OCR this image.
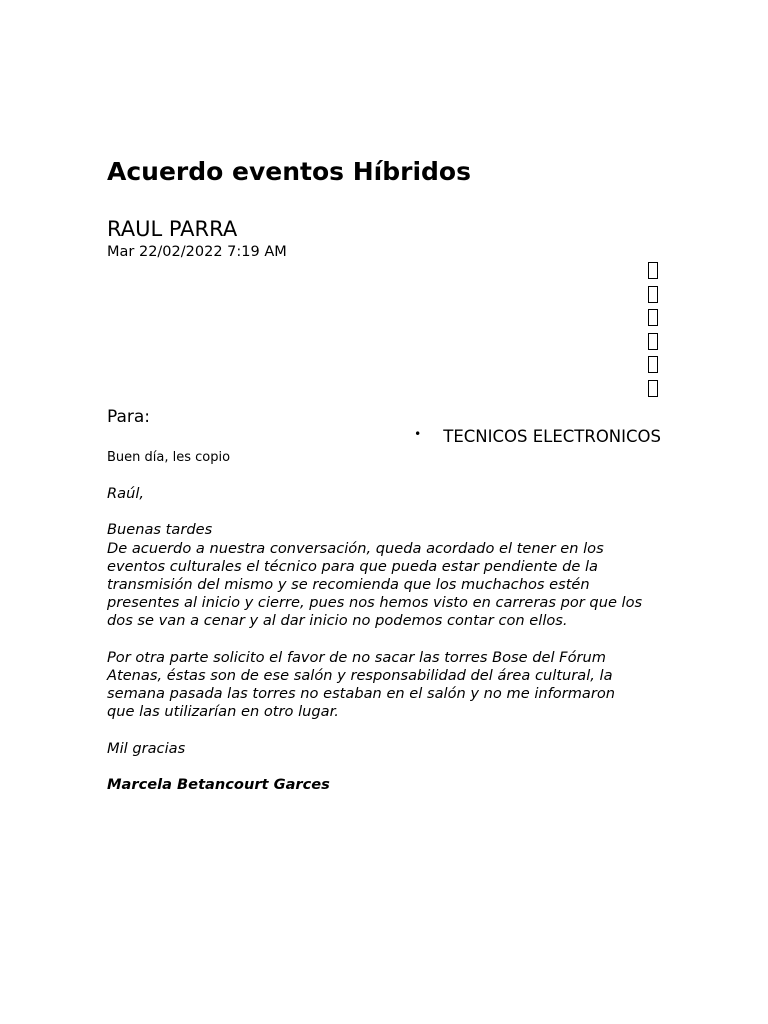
Acuerdo eventos Híbridos
RAUL PARRA
Mar 22/02/2022 7:19 AM
Para:
• TECNICOS ELECTRONICOS
Buen día, les copio

Raúl,

Buenas tardes

De acuerdo a nuestra conversación, queda acordado el tener en los

eventos culturales el técnico para que pueda estar pendiente de la

transmisión del mismo y se recomienda que los muchachos estén

presentes al inicio y cierre, pues nos hemos visto en carreras por que los

dos se van a cenar y al dar inicio no podemos contar con ellos.

Por otra parte solicito el favor de no sacar las torres Bose del Fórum

Atenas, éstas son de ese salón y responsabilidad del área cultural, la

semana pasada las torres no estaban en el salón y no me informaron

que las utilizarían en otro lugar.

Mil gracias

Marcela Betancourt Garces
